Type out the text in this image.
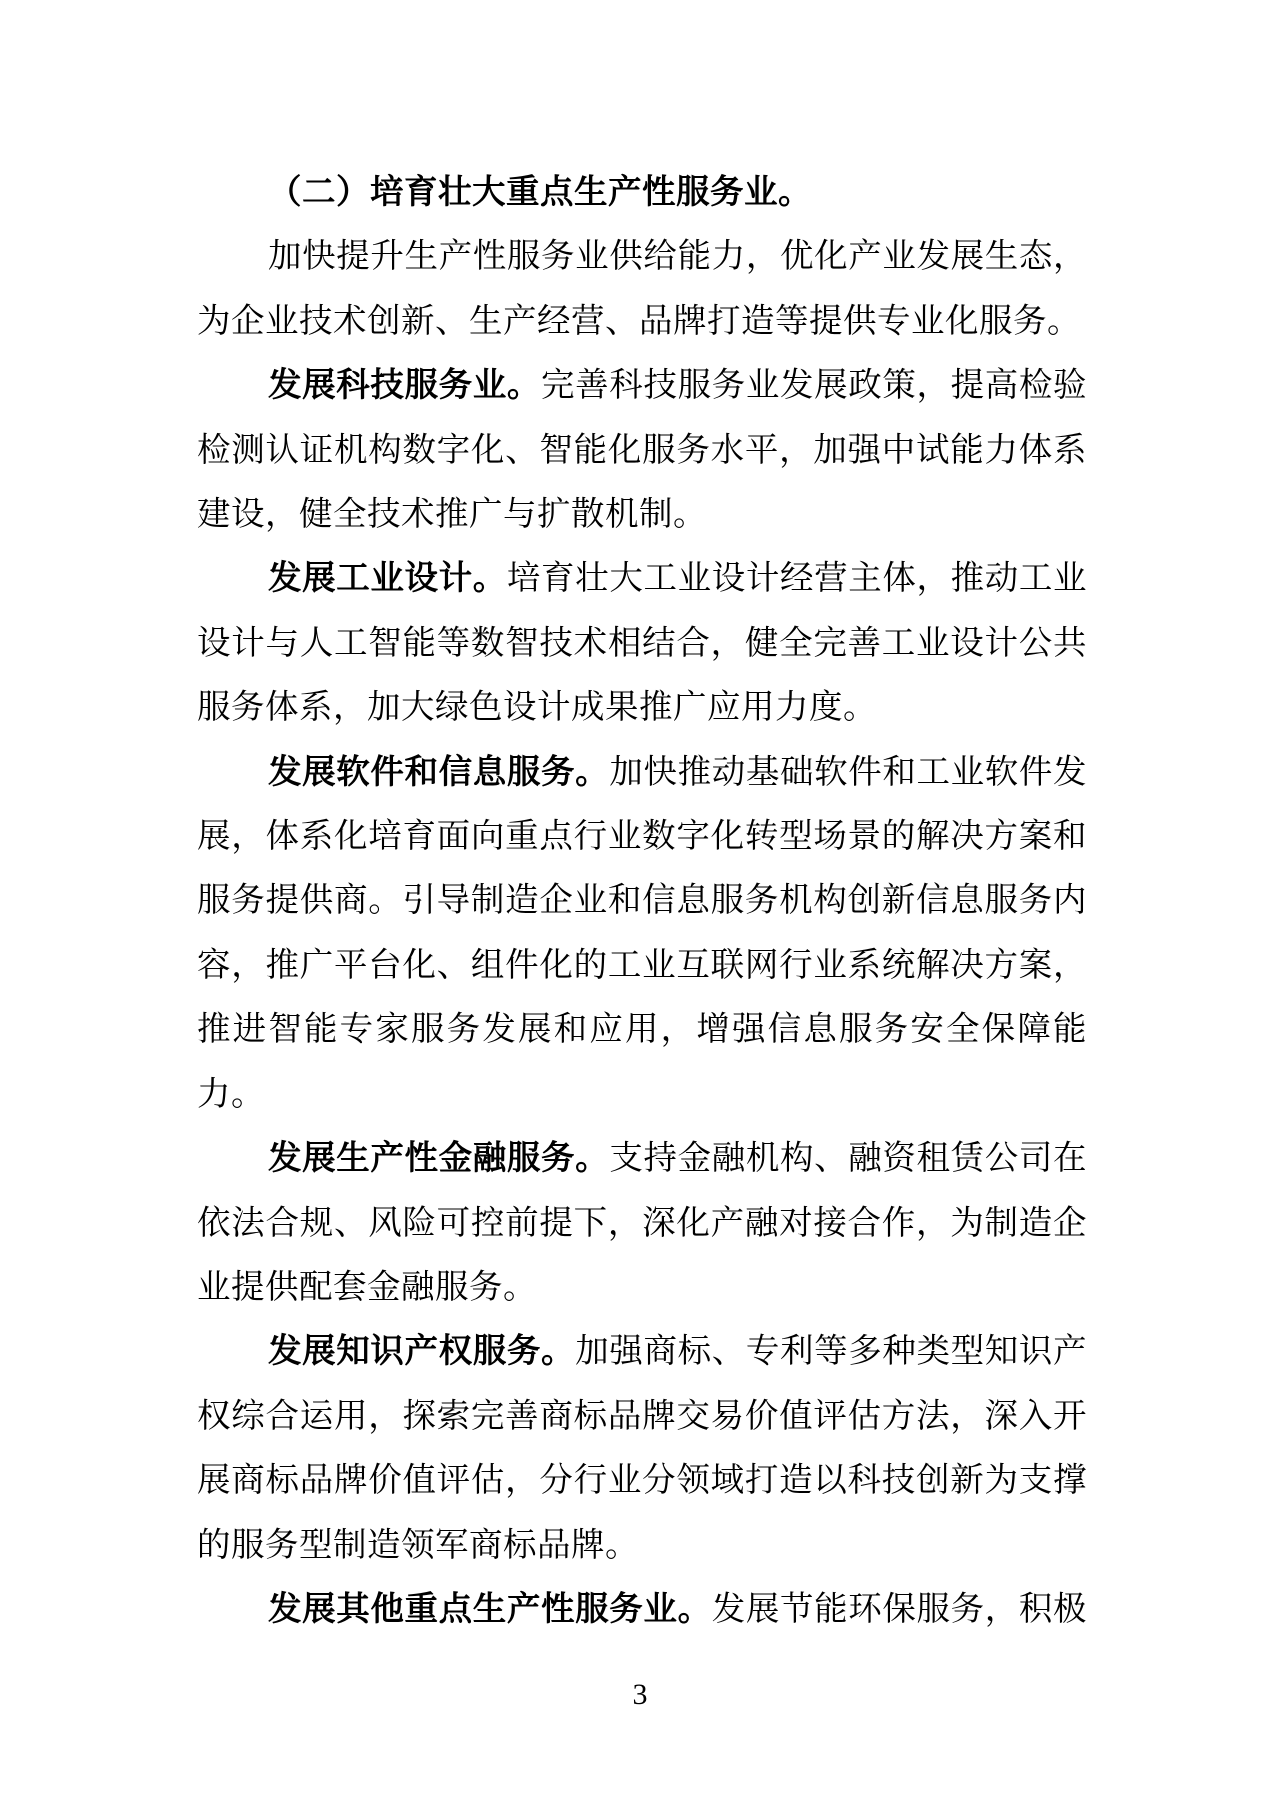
（二）培育壮大重点生产性服务业。
加快提升生产性服务业供给能力，优化产业发展生态，
为企业技术创新、生产经营、品牌打造等提供专业化服务。
发展科技服务业。完善科技服务业发展政策，提高检验
检测认证机构数字化、智能化服务水平，加强中试能力体系
建设，健全技术推广与扩散机制。
发展工业设计。培育壮大工业设计经营主体，推动工业
设计与人工智能等数智技术相结合，健全完善工业设计公共
服务体系，加大绿色设计成果推广应用力度。
发展软件和信息服务。加快推动基础软件和工业软件发
展，体系化培育面向重点行业数字化转型场景的解决方案和
服务提供商。引导制造企业和信息服务机构创新信息服务内
容，推广平台化、组件化的工业互联网行业系统解决方案，
推进智能专家服务发展和应用，增强信息服务安全保障能
力。
发展生产性金融服务。支持金融机构、融资租赁公司在
依法合规、风险可控前提下，深化产融对接合作，为制造企
业提供配套金融服务。
发展知识产权服务。加强商标、专利等多种类型知识产
权综合运用，探索完善商标品牌交易价值评估方法，深入开
展商标品牌价值评估，分行业分领域打造以科技创新为支撑
的服务型制造领军商标品牌。
发展其他重点生产性服务业。发展节能环保服务，积极
3
